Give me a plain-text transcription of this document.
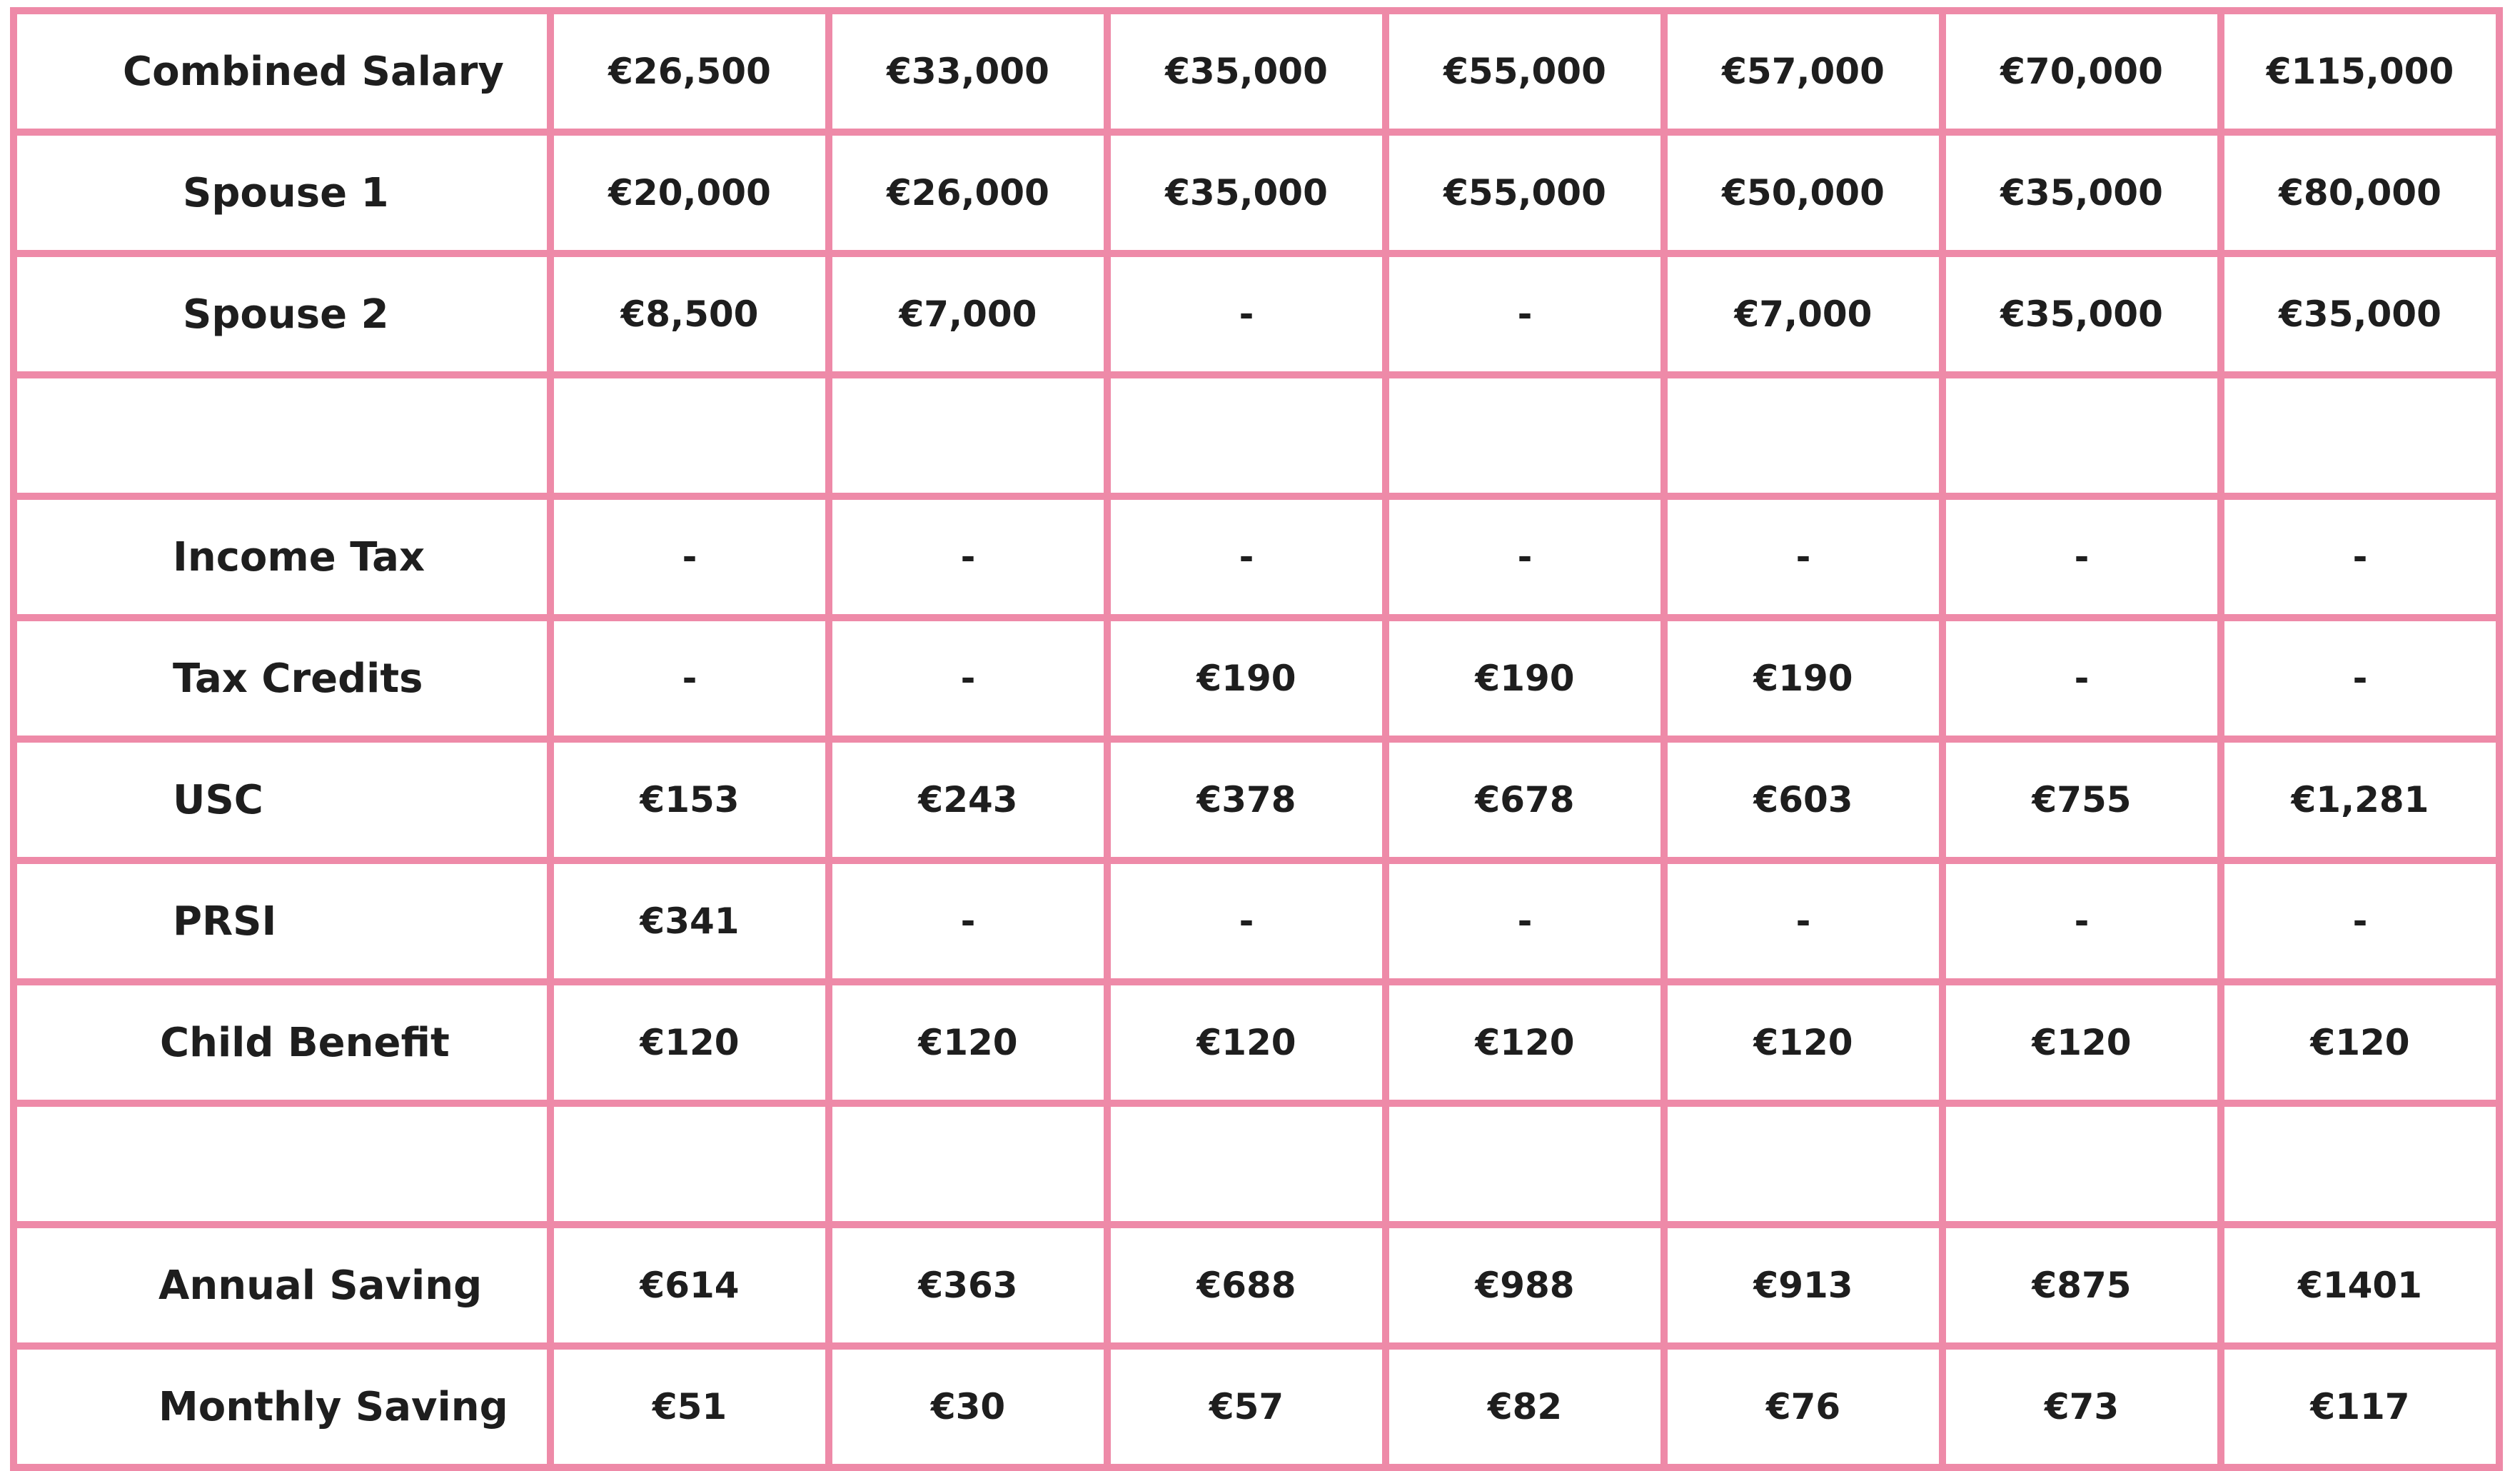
Combined Salary	€26,500	€33,000	€35,000	€55,000	€57,000	€70,000	€115,000
Spouse 1	€20,000	€26,000	€35,000	€55,000	€50,000	€35,000	€80,000
Spouse 2	€8,500	€7,000	-	-	€7,000	€35,000	€35,000

Income Tax	-	-	-	-	-	-	-
Tax Credits	-	-	€190	€190	€190	-	-
USC	€153	€243	€378	€678	€603	€755	€1,281
PRSI	€341	-	-	-	-	-	-
Child Benefit	€120	€120	€120	€120	€120	€120	€120

Annual Saving	€614	€363	€688	€988	€913	€875	€1401
Monthly Saving	€51	€30	€57	€82	€76	€73	€117
